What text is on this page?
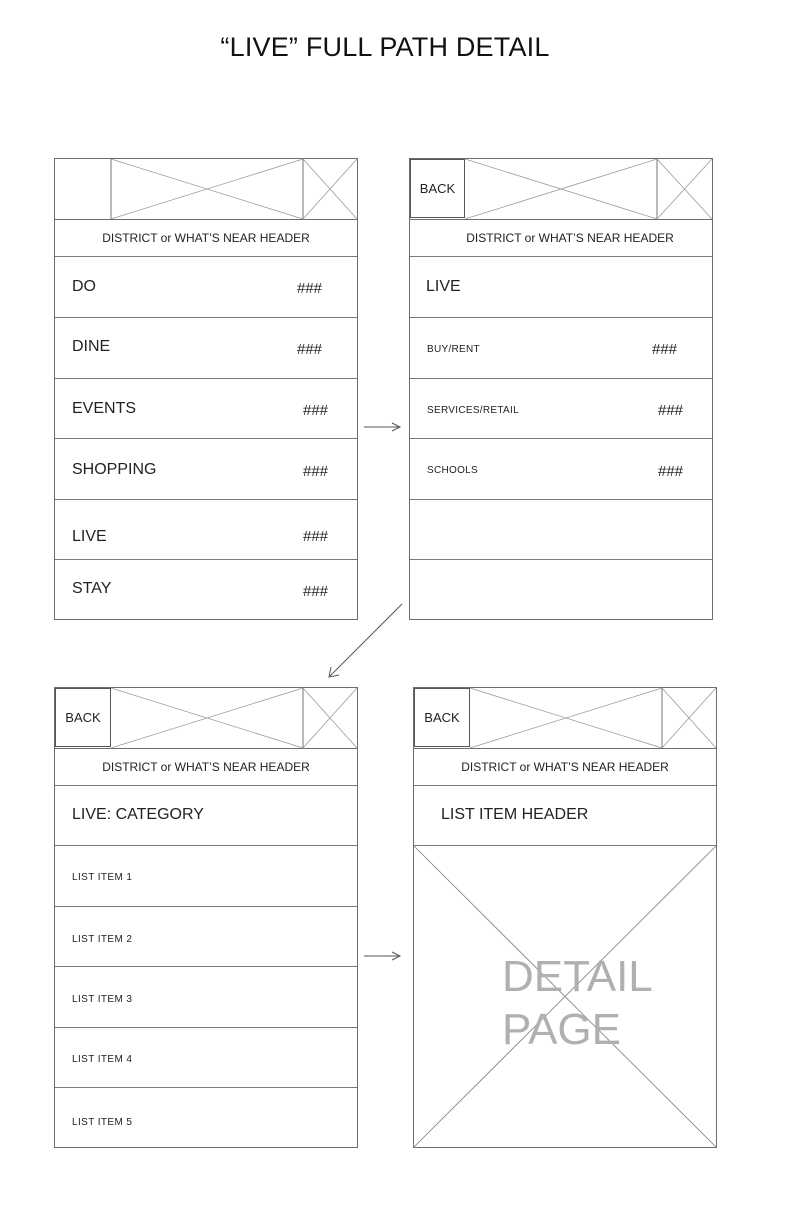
“LIVE” FULL PATH DETAIL
DISTRICT or WHAT’S NEAR HEADER
DO	###
DINE	###
EVENTS	###
SHOPPING	###
LIVE	###
STAY	###
BACK
DISTRICT or WHAT’S NEAR HEADER
LIVE
BUY/RENT	###
SERVICES/RETAIL	###
SCHOOLS	###
BACK
DISTRICT or WHAT’S NEAR HEADER
LIVE: CATEGORY
LIST ITEM 1
LIST ITEM 2
LIST ITEM 3
LIST ITEM 4
LIST ITEM 5
BACK
DISTRICT or WHAT’S NEAR HEADER
LIST ITEM HEADER
DETAIL
PAGE
